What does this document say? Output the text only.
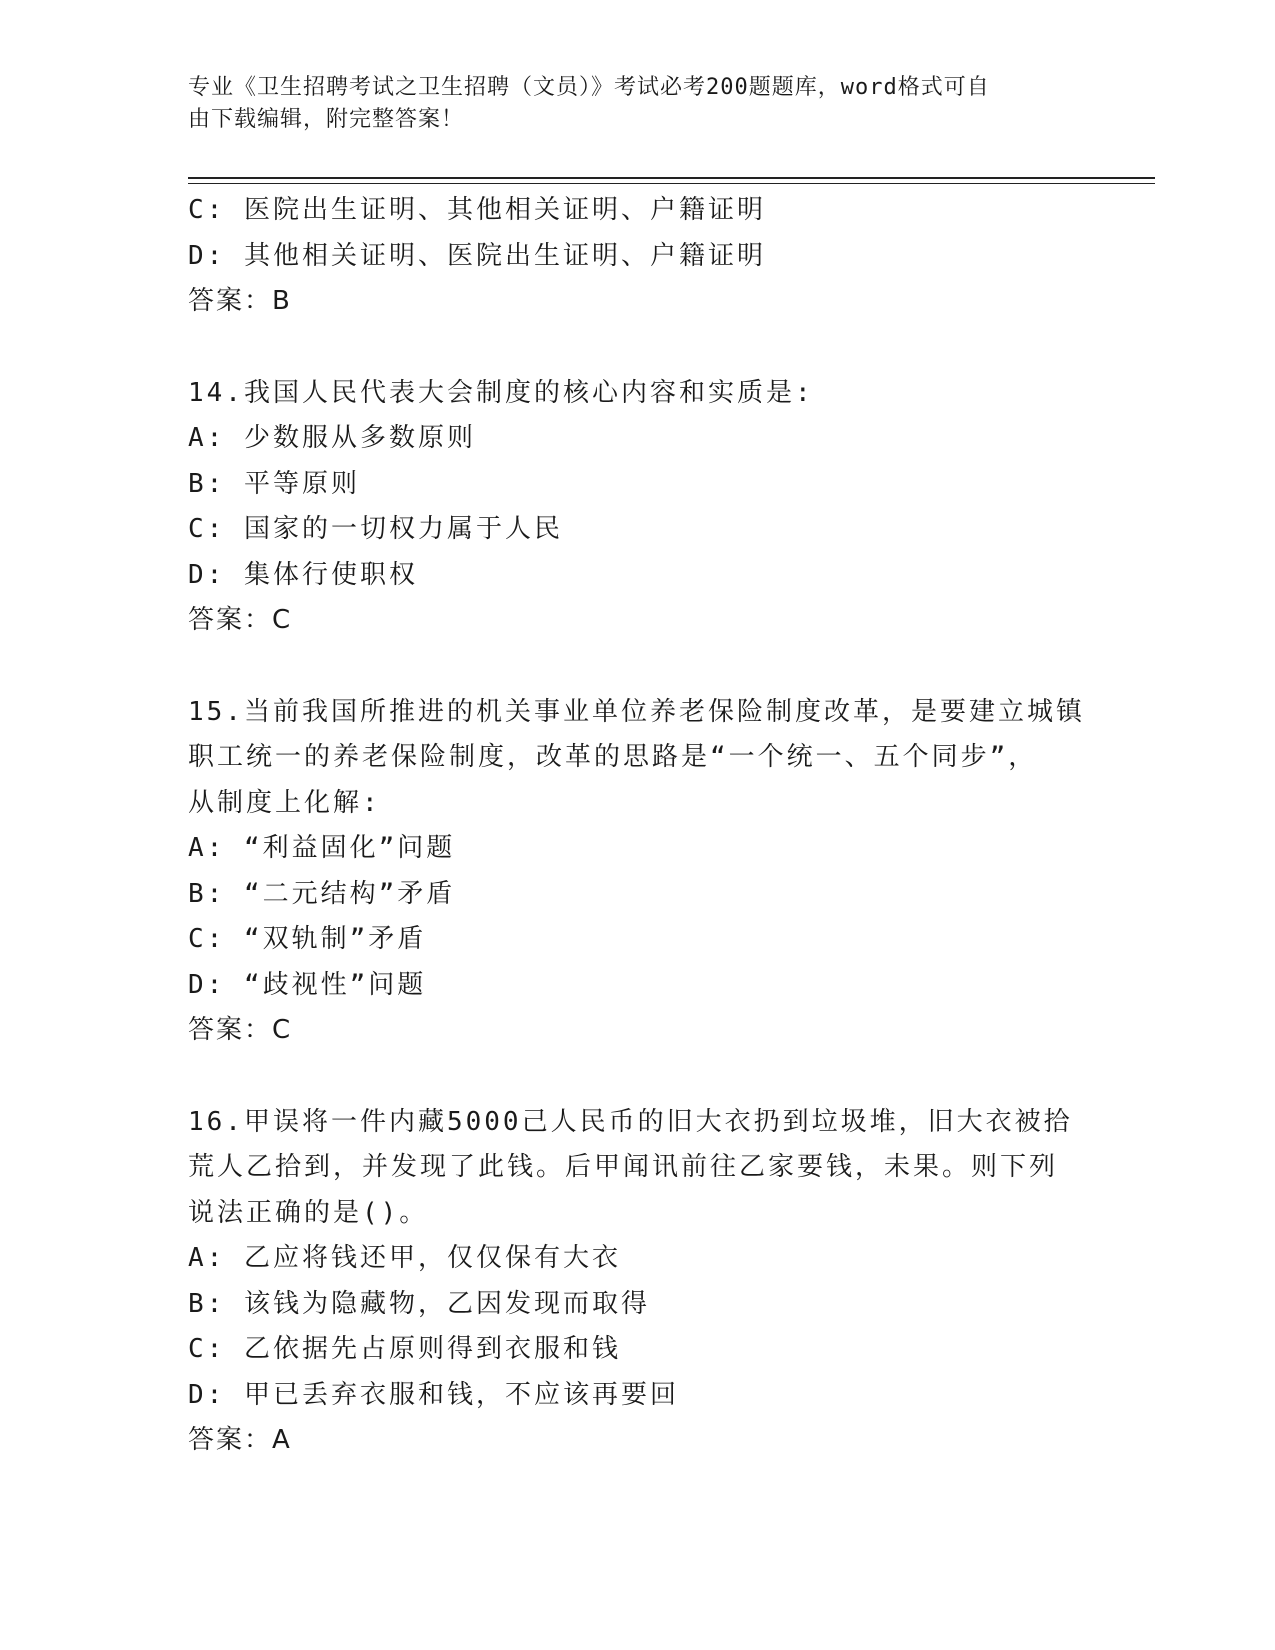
专业《卫生招聘考试之卫生招聘（文员）》考试必考200题题库，word格式可自
由下载编辑，附完整答案！
C: 医院出生证明、其他相关证明、户籍证明
D: 其他相关证明、医院出生证明、户籍证明
答案：B
14.我国人民代表大会制度的核心内容和实质是:
A: 少数服从多数原则
B: 平等原则
C: 国家的一切权力属于人民
D: 集体行使职权
答案：C
15.当前我国所推进的机关事业单位养老保险制度改革，是要建立城镇
职工统一的养老保险制度，改革的思路是“一个统一、五个同步”，
从制度上化解:
A: “利益固化”问题
B: “二元结构”矛盾
C: “双轨制”矛盾
D: “歧视性”问题
答案：C
16.甲误将一件内藏5000己人民币的旧大衣扔到垃圾堆，旧大衣被拾
荒人乙拾到，并发现了此钱。后甲闻讯前往乙家要钱，未果。则下列
说法正确的是()。
A: 乙应将钱还甲，仅仅保有大衣
B: 该钱为隐藏物，乙因发现而取得
C: 乙依据先占原则得到衣服和钱
D: 甲已丢弃衣服和钱，不应该再要回
答案：A
